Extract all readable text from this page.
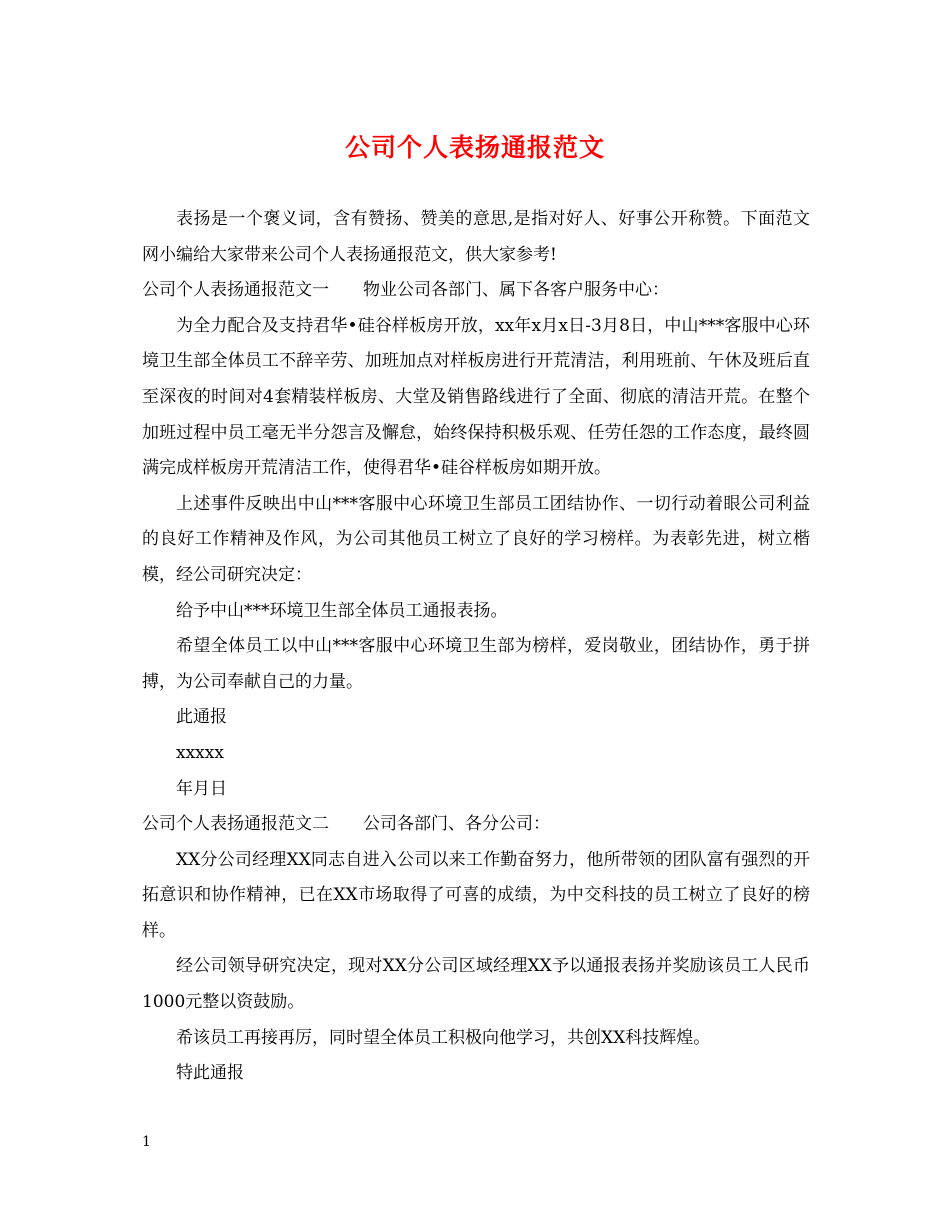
公司个人表扬通报范文

表扬是一个褒义词，含有赞扬、赞美的意思,是指对好人、好事公开称赞。下面范文网小编给大家带来公司个人表扬通报范文，供大家参考!

公司个人表扬通报范文一 物业公司各部门、属下各客户服务中心：

为全力配合及支持君华•硅谷样板房开放，xx年x月x日-3月8日，中山***客服中心环境卫生部全体员工不辞辛劳、加班加点对样板房进行开荒清洁，利用班前、午休及班后直至深夜的时间对4套精装样板房、大堂及销售路线进行了全面、彻底的清洁开荒。在整个加班过程中员工毫无半分怨言及懈怠，始终保持积极乐观、任劳任怨的工作态度，最终圆满完成样板房开荒清洁工作，使得君华•硅谷样板房如期开放。

上述事件反映出中山***客服中心环境卫生部员工团结协作、一切行动着眼公司利益的良好工作精神及作风，为公司其他员工树立了良好的学习榜样。为表彰先进，树立楷模，经公司研究决定：

给予中山***环境卫生部全体员工通报表扬。

希望全体员工以中山***客服中心环境卫生部为榜样，爱岗敬业，团结协作，勇于拼搏，为公司奉献自己的力量。

此通报

xxxxx

年月日

公司个人表扬通报范文二 公司各部门、各分公司：

XX分公司经理XX同志自进入公司以来工作勤奋努力，他所带领的团队富有强烈的开拓意识和协作精神，已在XX市场取得了可喜的成绩，为中交科技的员工树立了良好的榜样。

经公司领导研究决定，现对XX分公司区域经理XX予以通报表扬并奖励该员工人民币1000元整以资鼓励。

希该员工再接再厉，同时望全体员工积极向他学习，共创XX科技辉煌。

特此通报

1
